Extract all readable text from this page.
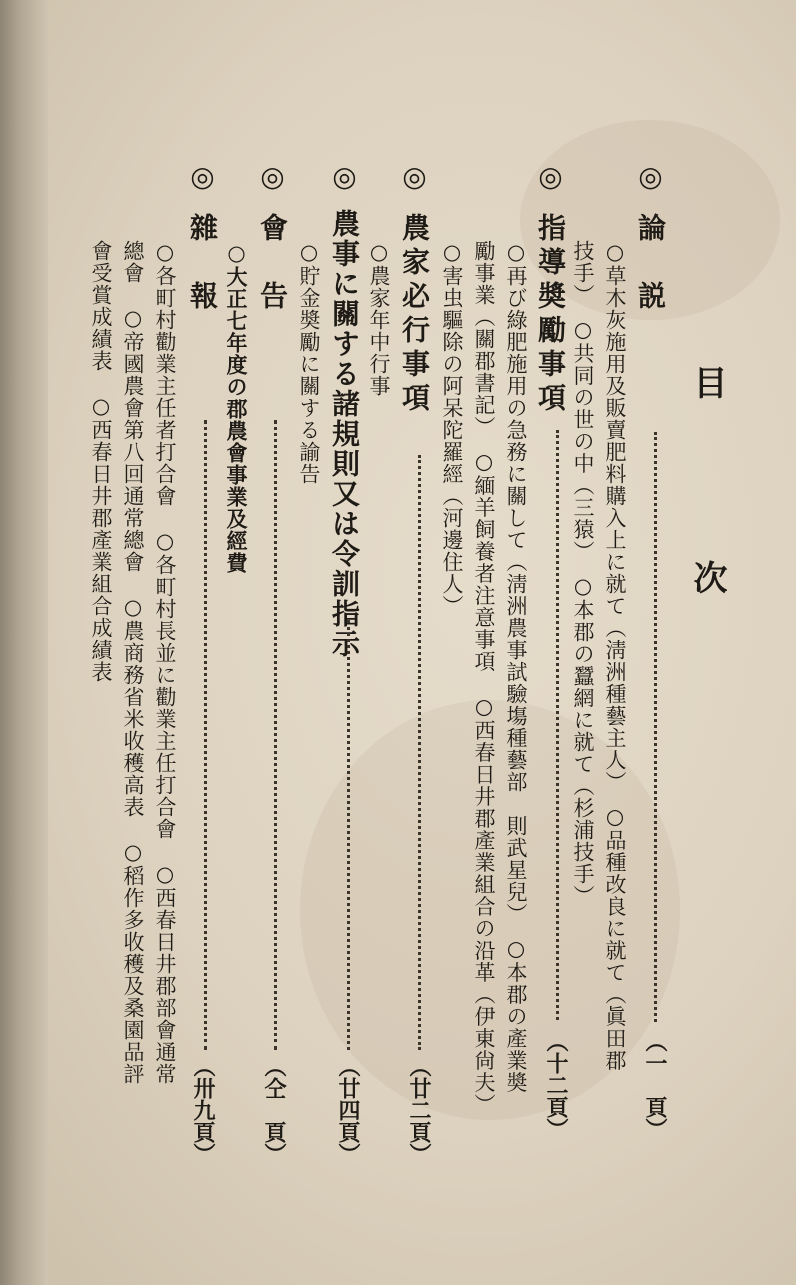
目
次
◎論　説
（一　頁）
○草木灰施用及販賣肥料購入上に就て（淸洲種藝主人）　○品種改良に就て（眞田郡
技手）　○共同の世の中（三猿）　○本郡の蠶網に就て（杉浦技手）
◎指導奬勵事項
（十二頁）
○再び綠肥施用の急務に關して（淸洲農事試驗塲種藝部　則武星兒）　○本郡の產業奬
勵事業（關郡書記）　○緬羊飼養者注意事項　○西春日井郡產業組合の沿革（伊東尙夫）
○害虫驅除の阿呆陀羅經（河邊住人）
◎農家必行事項
（廿二頁）
○農家年中行事
◎農事に關する諸規則又は令訓指示
（廿四頁）
○貯金奬勵に關する諭告
◎會　告
（仝　頁）
○大正七年度の郡農會事業及經費
◎雜　報
（卅九頁）
○各町村勸業主任者打合會　○各町村長並に勸業主任打合會　○西春日井郡部會通常
總會　○帝國農會第八回通常總會　○農商務省米收穫高表　○稻作多收穫及桑園品評
會受賞成績表　○西春日井郡產業組合成績表
